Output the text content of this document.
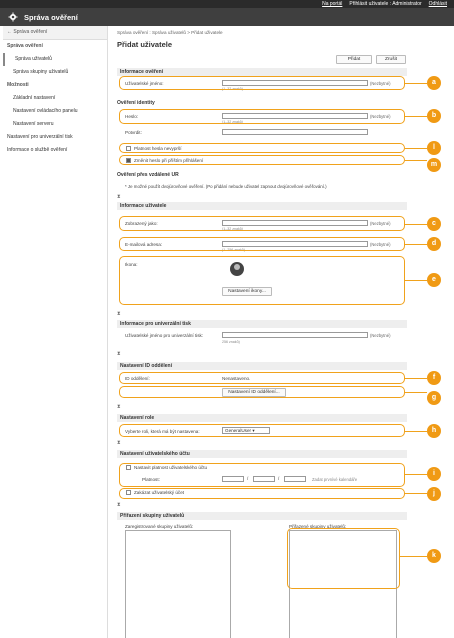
Na portál Přihlásit uživatele : Administrator Odhlásit
Správa ověření
← Správa ověření
Správa ověření
Správa uživatelů
Správa skupiny uživatelů
Možnosti
Základní nastavení
Nastavení ovládacího panelu
Nastavení serveru
Nastavení pro univerzální tisk
Informace o službě ověření
Správa ověření : Správa uživatelů > Přidat uživatele
Přidat uživatele
Přidat	Zrušit
Informace ověření
Uživatelské jméno:	(Nezbytné)
(1–32 znaků)
Ověření identity
Heslo:	(Nezbytné)
(1–32 znaků)
Potvrdit:
Platnost hesla nevyprší
Změnit heslo při příštím přihlášení
Ověření přes vzdálené UR
* Je možné použít dvojúrovňové ověření. (Po přidání nebude uživatel zapnout dvojúrovňové ověřování.)
⧗
Informace uživatele
Zobrazený jako:	(Nezbytné)
(1–32 znaků)
E-mailová adresa:	(Nezbytné)
(1–256 znaků)
Ikona:
Nastavení ikony...
⧗
Informace pro univerzální tisk
Uživatelské jméno pro univerzální tisk:	(Nezbytné)
256 znaků)
⧗
Nastavení ID oddělení
ID oddělení:	Nenastaveno.
Nastavení ID oddělení...
⧗
Nastavení role
Vyberte roli, která má být nastavena:	GeneralUser ▾
⧗
Nastavení uživatelského účtu
Nastavit platnost uživatelského účtu
Platnost:	/	/	Zadat prvnívé kalendáře
Zakázat uživatelský účet
⧗
Přiřazení skupiny uživatelů
Zaregistrované skupiny uživatelů:	Přiřazené skupiny uživatelů:
a
b
l
m
c
d
e
f
g
h
i
j
k
